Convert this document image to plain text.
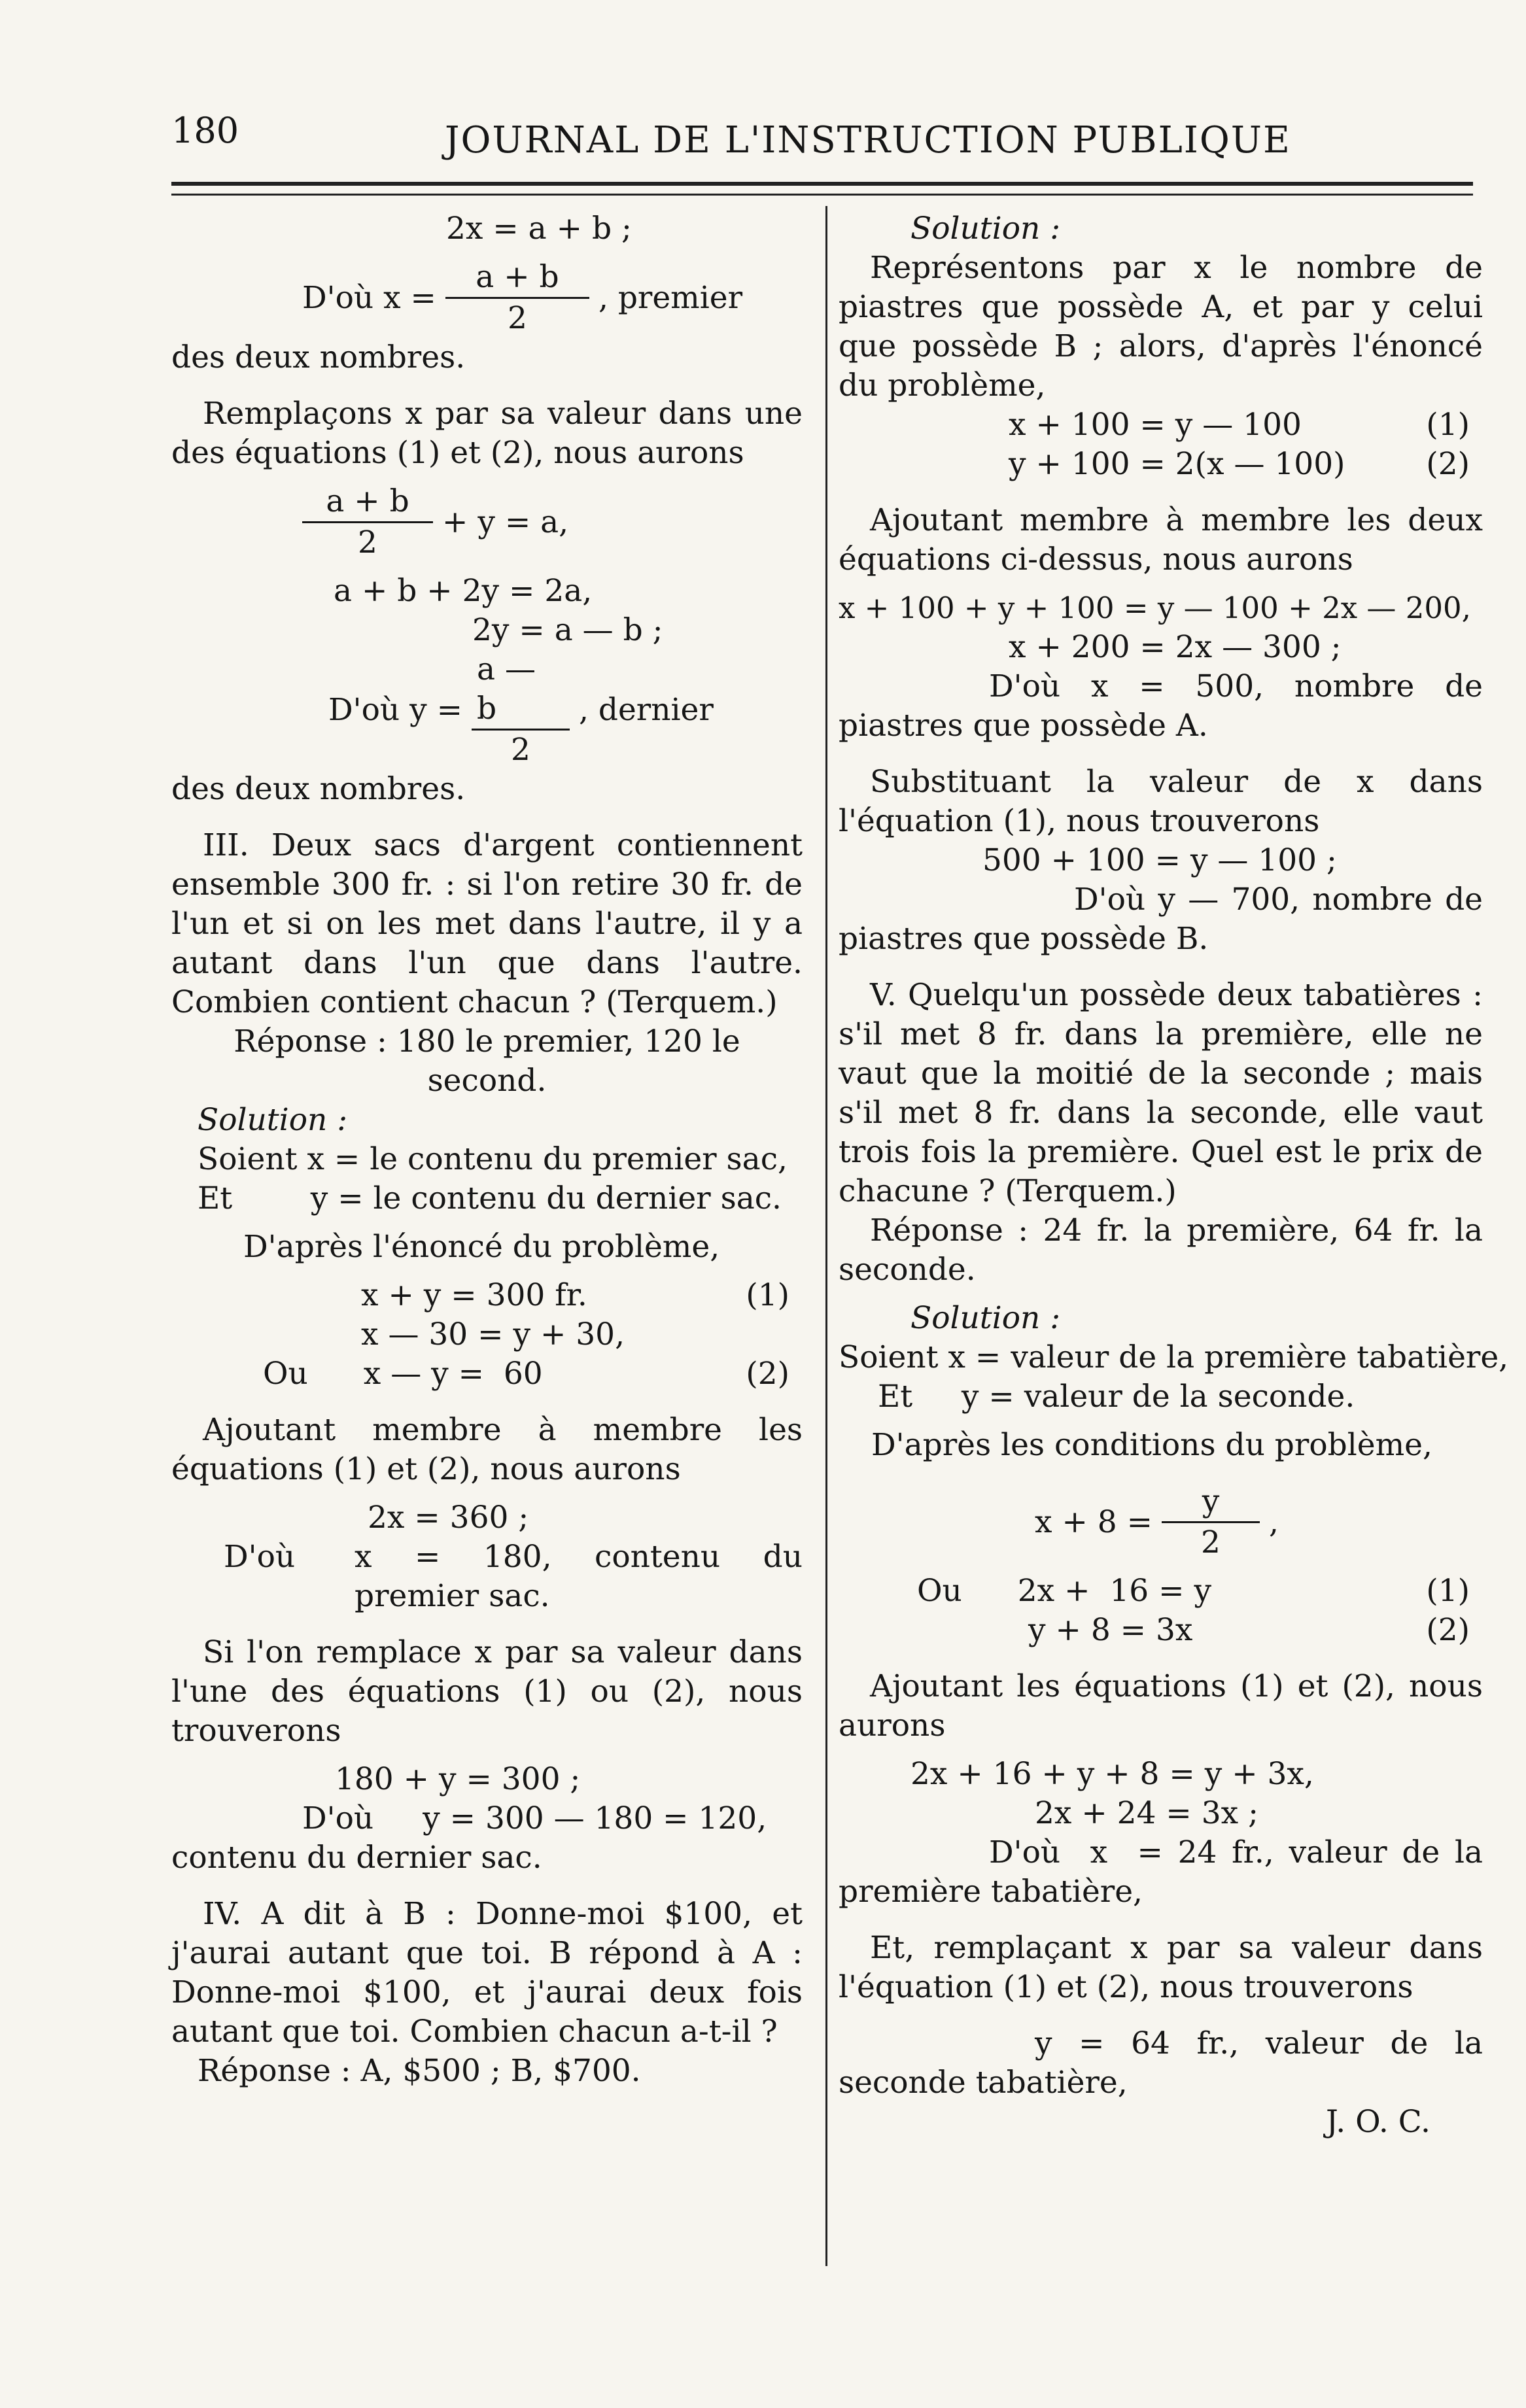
180	JOURNAL DE L'INSTRUCTION PUBLIQUE
2x = a + b ;
D'où $x = \frac{a + b}{2}$ , premier
des deux nombres.
Remplaçons x par sa valeur dans une des équations (1) et (2), nous aurons
$\frac{a + b}{2} + y = a$,
a + b + 2y = 2a,
2y = a — b ;
D'où $y = \frac{a — b}{2}$ , dernier
des deux nombres.
III. Deux sacs d'argent contiennent ensemble 300 fr. : si l'on retire 30 fr. de l'un et si on les met dans l'autre, il y a autant dans l'un que dans l'autre. Combien contient chacun ? (Terquem.)
Réponse : 180 le premier, 120 le second.
Solution :
Soient x = le contenu du premier sac,
Et        y = le contenu du dernier sac.
D'après l'énoncé du problème,
x + y = 300 fr.	(1)
x — 30 = y + 30,
Ou x — y =  60	(2)
Ajoutant membre à membre les équations (1) et (2), nous aurons
2x = 360 ;
D'où	x = 180, contenu du premier sac.
Si l'on remplace x par sa valeur dans l'une des équations (1) ou (2), nous trouverons
180 + y = 300 ;
D'où y = 300 — 180 = 120,
contenu du dernier sac.
IV. A dit à B : Donne-moi $100, et j'aurai autant que toi. B répond à A : Donne-moi $100, et j'aurai deux fois autant que toi. Combien chacun a-t-il ?
Réponse : A, $500 ; B, $700.
Solution :
Représentons par x le nombre de piastres que possède A, et par y celui que possède B ; alors, d'après l'énoncé du problème,
x + 100 = y — 100	(1)
y + 100 = 2(x — 100)	(2)
Ajoutant membre à membre les deux équations ci-dessus, nous aurons
x + 100 + y + 100 = y — 100 + 2x — 200,
x + 200 = 2x — 300 ;
D'où x = 500, nombre de piastres que possède A.
Substituant la valeur de x dans l'équation (1), nous trouverons
500 + 100 = y — 100 ;
D'où y — 700, nombre de piastres que possède B.
V. Quelqu'un possède deux tabatières : s'il met 8 fr. dans la première, elle ne vaut que la moitié de la seconde ; mais s'il met 8 fr. dans la seconde, elle vaut trois fois la première. Quel est le prix de chacune ? (Terquem.)
Réponse : 24 fr. la première, 64 fr. la seconde.
Solution :
Soient x = valeur de la première tabatière,
Et     y = valeur de la seconde.
D'après les conditions du problème,
$x + 8 = \frac{y}{2}$ ,
Ou 2x +  16 = y	(1)
y + 8 = 3x	(2)
Ajoutant les équations (1) et (2), nous aurons
2x + 16 + y + 8 = y + 3x,
2x + 24 = 3x ;
D'où  x  = 24 fr., valeur de la première tabatière,
Et, remplaçant x par sa valeur dans l'équation (1) et (2), nous trouverons
y = 64 fr., valeur de la seconde tabatière,
J. O. C.
